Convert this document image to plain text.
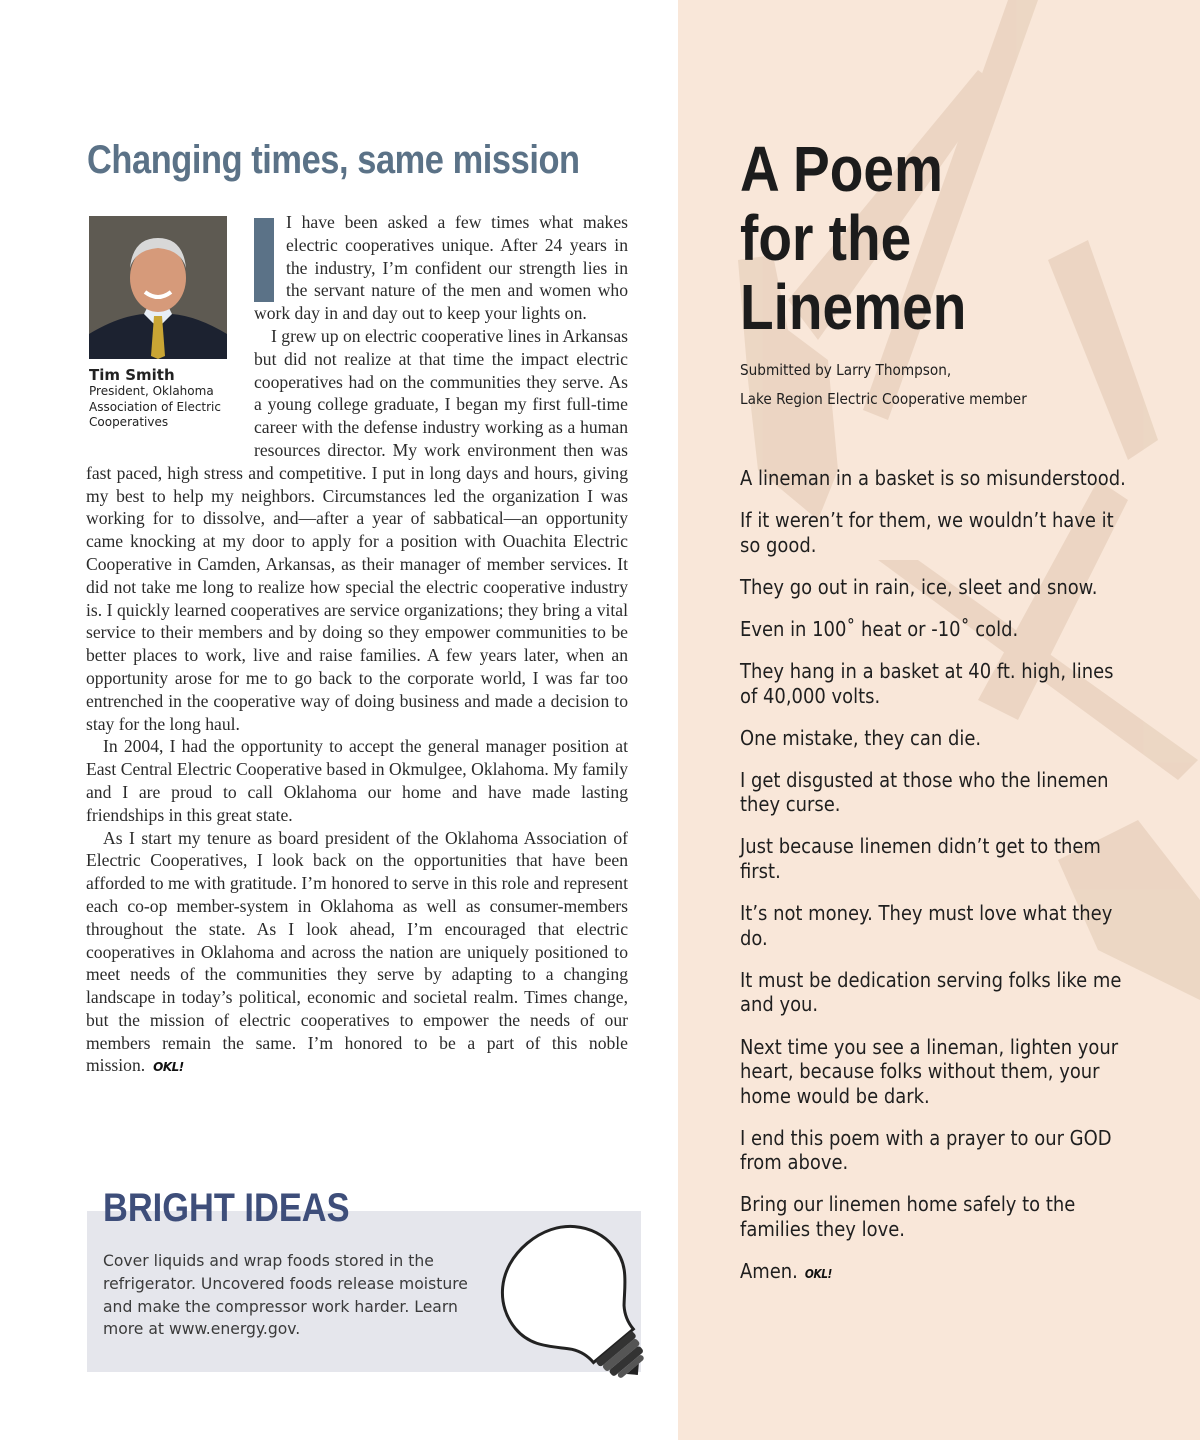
Changing times, same mission
Tim Smith
President, Oklahoma Association of Electric Cooperatives

I have been asked a few times what makes electric cooperatives unique. After 24 years in the industry, I’m confident our strength lies in the servant nature of the men and women who work day in and day out to keep your lights on.

I grew up on electric cooperative lines in Arkansas but did not realize at that time the impact electric cooperatives had on the communities they serve. As a young college graduate, I began my first full-time career with the defense industry working as a human resources director. My work environment then was fast paced, high stress and competitive. I put in long days and hours, giving my best to help my neighbors. Circumstances led the organization I was working for to dissolve, and—after a year of sabbatical—an opportunity came knocking at my door to apply for a position with Ouachita Electric Cooperative in Camden, Arkansas, as their manager of member services. It did not take me long to realize how special the electric cooperative industry is. I quickly learned cooperatives are service organizations; they bring a vital service to their members and by doing so they empower communities to be better places to work, live and raise families. A few years later, when an opportunity arose for me to go back to the corporate world, I was far too entrenched in the cooperative way of doing business and made a decision to stay for the long haul.

In 2004, I had the opportunity to accept the general manager position at East Central Electric Cooperative based in Okmulgee, Oklahoma. My family and I are proud to call Oklahoma our home and have made lasting friendships in this great state.

As I start my tenure as board president of the Oklahoma Association of Electric Cooperatives, I look back on the opportunities that have been afforded to me with gratitude. I’m honored to serve in this role and represent each co-op member-system in Oklahoma as well as consumer-members throughout the state. As I look ahead, I’m encouraged that electric cooperatives in Oklahoma and across the nation are uniquely positioned to meet needs of the communities they serve by adapting to a changing landscape in today’s political, economic and societal realm. Times change, but the mission of electric cooperatives to empower the needs of our members remain the same. I’m honored to be a part of this noble mission. OKL!

BRIGHT IDEAS
Cover liquids and wrap foods stored in the refrigerator. Uncovered foods release moisture and make the compressor work harder. Learn more at www.energy.gov.
A Poem
for the
Linemen
Submitted by Larry Thompson,
Lake Region Electric Cooperative member
A lineman in a basket is so misunderstood.
If it weren’t for them, we wouldn’t have it so good.
They go out in rain, ice, sleet and snow.
Even in 100˚ heat or -10˚ cold.
They hang in a basket at 40 ft. high, lines of 40,000 volts.
One mistake, they can die.
I get disgusted at those who the linemen they curse.
Just because linemen didn’t get to them first.
It’s not money. They must love what they do.
It must be dedication serving folks like me and you.
Next time you see a lineman, lighten your heart, because folks without them, your home would be dark.
I end this poem with a prayer to our GOD from above.
Bring our linemen home safely to the families they love.
Amen. OKL!
